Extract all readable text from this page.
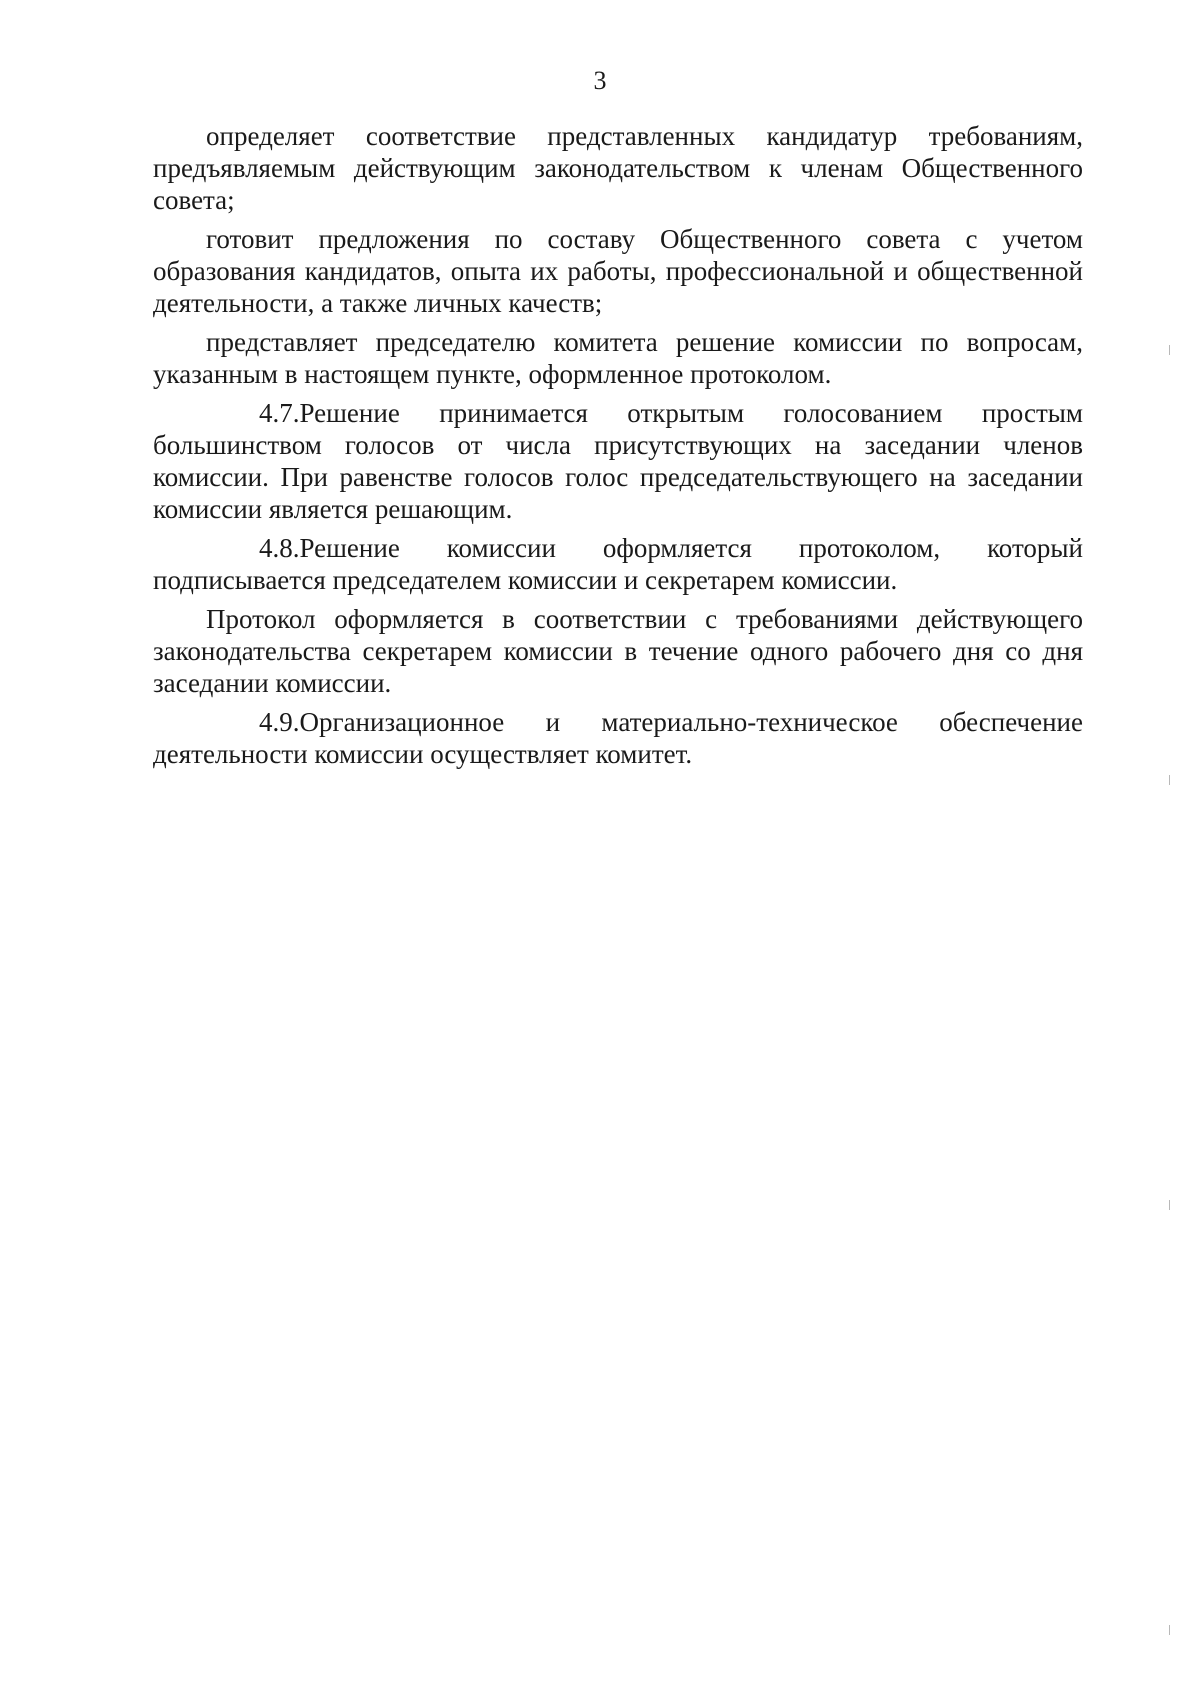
3

определяет соответствие представленных кандидатур требованиям, предъявляемым действующим законодательством к членам Общественного совета;

готовит предложения по составу Общественного совета с учетом образования кандидатов, опыта их работы, профессиональной и общественной деятельности, а также личных качеств;

представляет председателю комитета решение комиссии по вопросам, указанным в настоящем пункте, оформленное протоколом.

4.7.Решение принимается открытым голосованием простым большинством голосов от числа присутствующих на заседании членов комиссии. При равенстве голосов голос председательствующего на заседании комиссии является решающим.

4.8.Решение комиссии оформляется протоколом, который подписывается председателем комиссии и секретарем комиссии.

Протокол оформляется в соответствии с требованиями действующего законодательства секретарем комиссии в течение одного рабочего дня со дня заседании комиссии.

4.9.Организационное и материально-техническое обеспечение деятельности комиссии осуществляет комитет.
